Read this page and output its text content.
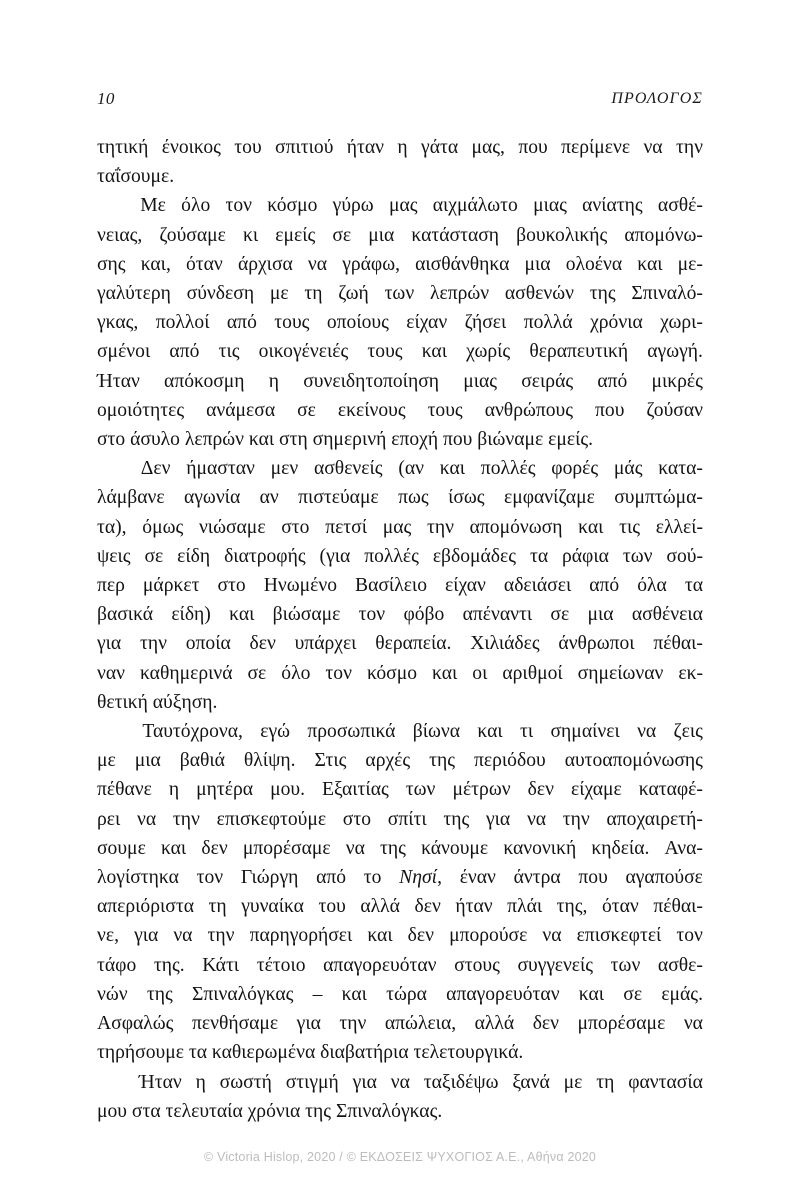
10	ΠΡΟΛΟΓΟΣ

τητική ένοικος του σπιτιού ήταν η γάτα μας, που περίμενε να την
ταΐσουμε.

Με όλο τον κόσμο γύρω μας αιχμάλωτο μιας ανίατης ασθέ-
νειας, ζούσαμε κι εμείς σε μια κατάσταση βουκολικής απομόνω-
σης και, όταν άρχισα να γράφω, αισθάνθηκα μια ολοένα και με-
γαλύτερη σύνδεση με τη ζωή των λεπρών ασθενών της Σπιναλό-
γκας, πολλοί από τους οποίους είχαν ζήσει πολλά χρόνια χωρι-
σμένοι από τις οικογένειές τους και χωρίς θεραπευτική αγωγή.
Ήταν απόκοσμη η συνειδητοποίηση μιας σειράς από μικρές
ομοιότητες ανάμεσα σε εκείνους τους ανθρώπους που ζούσαν
στο άσυλο λεπρών και στη σημερινή εποχή που βιώναμε εμείς.

Δεν ήμασταν μεν ασθενείς (αν και πολλές φορές μάς κατα-
λάμβανε αγωνία αν πιστεύαμε πως ίσως εμφανίζαμε συμπτώμα-
τα), όμως νιώσαμε στο πετσί μας την απομόνωση και τις ελλεί-
ψεις σε είδη διατροφής (για πολλές εβδομάδες τα ράφια των σού-
περ μάρκετ στο Ηνωμένο Βασίλειο είχαν αδειάσει από όλα τα
βασικά είδη) και βιώσαμε τον φόβο απέναντι σε μια ασθένεια
για την οποία δεν υπάρχει θεραπεία. Χιλιάδες άνθρωποι πέθαι-
ναν καθημερινά σε όλο τον κόσμο και οι αριθμοί σημείωναν εκ-
θετική αύξηση.

Ταυτόχρονα, εγώ προσωπικά βίωνα και τι σημαίνει να ζεις
με μια βαθιά θλίψη. Στις αρχές της περιόδου αυτοαπομόνωσης
πέθανε η μητέρα μου. Εξαιτίας των μέτρων δεν είχαμε καταφέ-
ρει να την επισκεφτούμε στο σπίτι της για να την αποχαιρετή-
σουμε και δεν μπορέσαμε να της κάνουμε κανονική κηδεία. Ανα-
λογίστηκα τον Γιώργη από το Νησί, έναν άντρα που αγαπούσε
απεριόριστα τη γυναίκα του αλλά δεν ήταν πλάι της, όταν πέθαι-
νε, για να την παρηγορήσει και δεν μπορούσε να επισκεφτεί τον
τάφο της. Κάτι τέτοιο απαγορευόταν στους συγγενείς των ασθε-
νών της Σπιναλόγκας – και τώρα απαγορευόταν και σε εμάς.
Ασφαλώς πενθήσαμε για την απώλεια, αλλά δεν μπορέσαμε να
τηρήσουμε τα καθιερωμένα διαβατήρια τελετουργικά.

Ήταν η σωστή στιγμή για να ταξιδέψω ξανά με τη φαντασία
μου στα τελευταία χρόνια της Σπιναλόγκας.

© Victoria Hislop, 2020 / © ΕΚΔΟΣΕΙΣ ΨΥΧΟΓΙΟΣ Α.Ε., Αθήνα 2020
